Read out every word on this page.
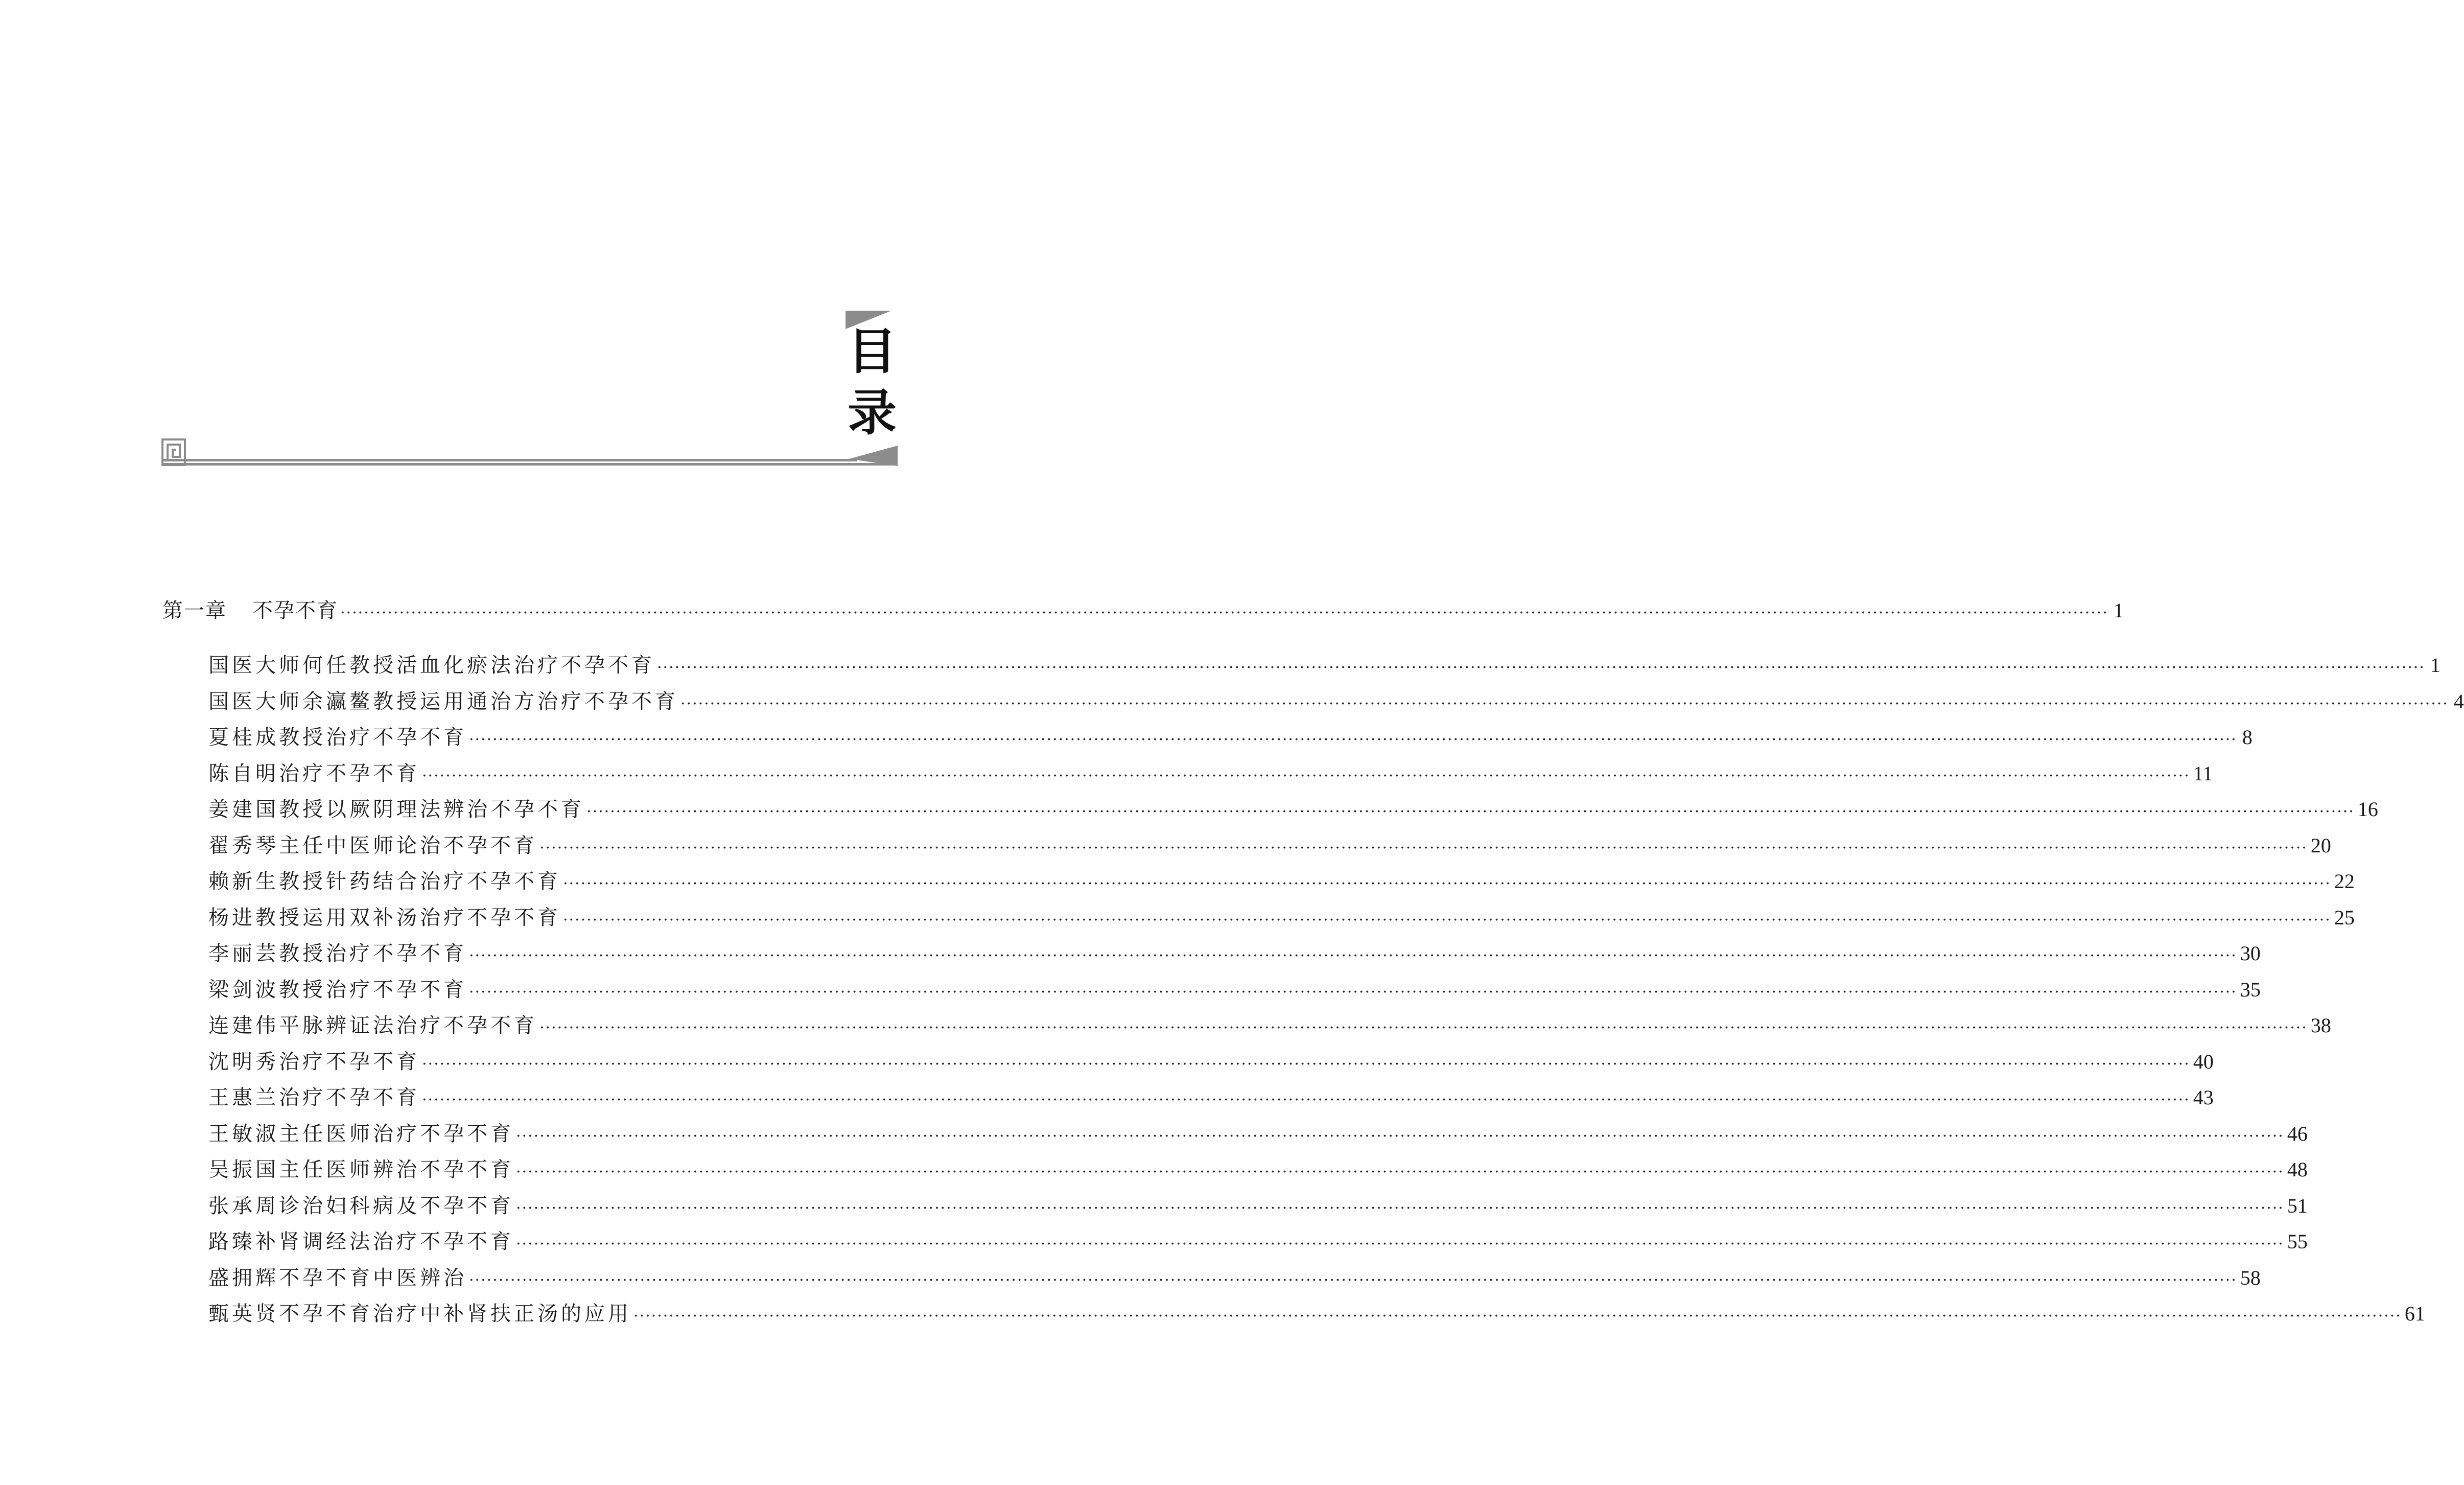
目
录
第一章 不孕不育 ············································································································································································································································································································ 1
国医大师何任教授活血化瘀法治疗不孕不育 ············································································································································································································································································································ 1
国医大师余瀛鳌教授运用通治方治疗不孕不育 ············································································································································································································································································································ 4
夏桂成教授治疗不孕不育 ············································································································································································································································································································ 8
陈自明治疗不孕不育 ············································································································································································································································································································ 11
姜建国教授以厥阴理法辨治不孕不育 ············································································································································································································································································································ 16
翟秀琴主任中医师论治不孕不育 ············································································································································································································································································································ 20
赖新生教授针药结合治疗不孕不育 ············································································································································································································································································································ 22
杨进教授运用双补汤治疗不孕不育 ············································································································································································································································································································ 25
李丽芸教授治疗不孕不育 ············································································································································································································································································································ 30
梁剑波教授治疗不孕不育 ············································································································································································································································································································ 35
连建伟平脉辨证法治疗不孕不育 ············································································································································································································································································································ 38
沈明秀治疗不孕不育 ············································································································································································································································································································ 40
王惠兰治疗不孕不育 ············································································································································································································································································································ 43
王敏淑主任医师治疗不孕不育 ············································································································································································································································································································ 46
吴振国主任医师辨治不孕不育 ············································································································································································································································································································ 48
张承周诊治妇科病及不孕不育 ············································································································································································································································································································ 51
路臻补肾调经法治疗不孕不育 ············································································································································································································································································································ 55
盛拥辉不孕不育中医辨治 ············································································································································································································································································································ 58
甄英贤不孕不育治疗中补肾扶正汤的应用 ············································································································································································································································································································ 61
